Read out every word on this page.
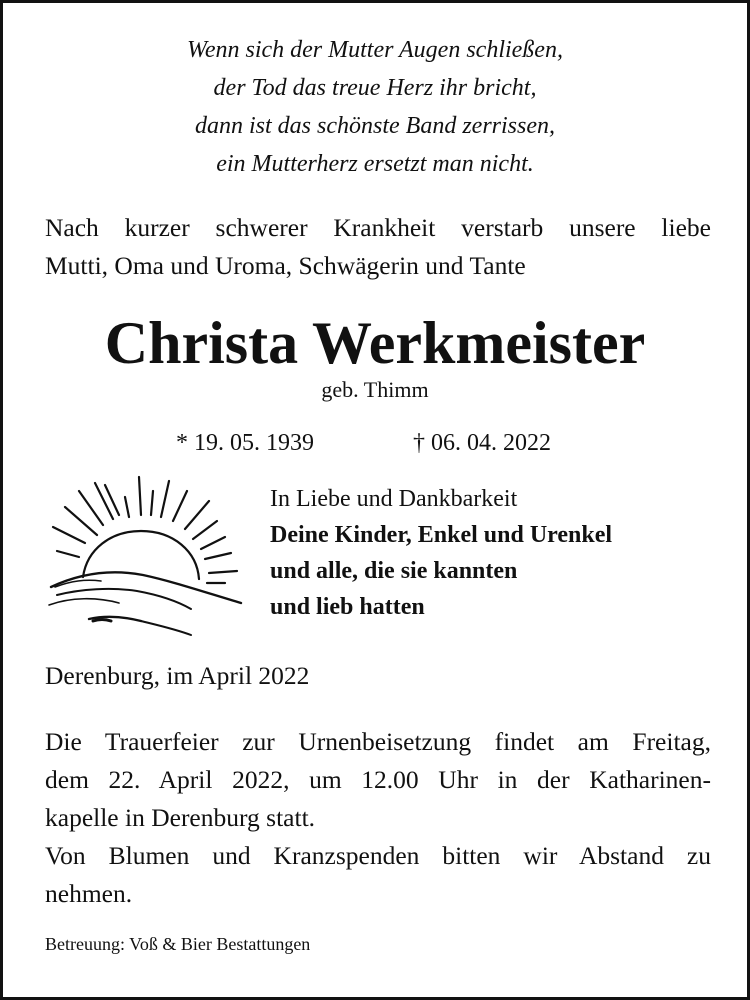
Wenn sich der Mutter Augen schließen,
der Tod das treue Herz ihr bricht,
dann ist das schönste Band zerrissen,
ein Mutterherz ersetzt man nicht.
Nach kurzer schwerer Krankheit verstarb unsere liebe
Mutti, Oma und Uroma, Schwägerin und Tante
Christa Werkmeister
geb. Thimm
* 19. 05. 1939	† 06. 04. 2022
In Liebe und Dankbarkeit
Deine Kinder, Enkel und Urenkel
und alle, die sie kannten
und lieb hatten
Derenburg, im April 2022
Die Trauerfeier zur Urnenbeisetzung findet am Freitag,
dem 22. April 2022, um 12.00 Uhr in der Katharinen-
kapelle in Derenburg statt.
Von Blumen und Kranzspenden bitten wir Abstand zu
nehmen.
Betreuung: Voß & Bier Bestattungen
